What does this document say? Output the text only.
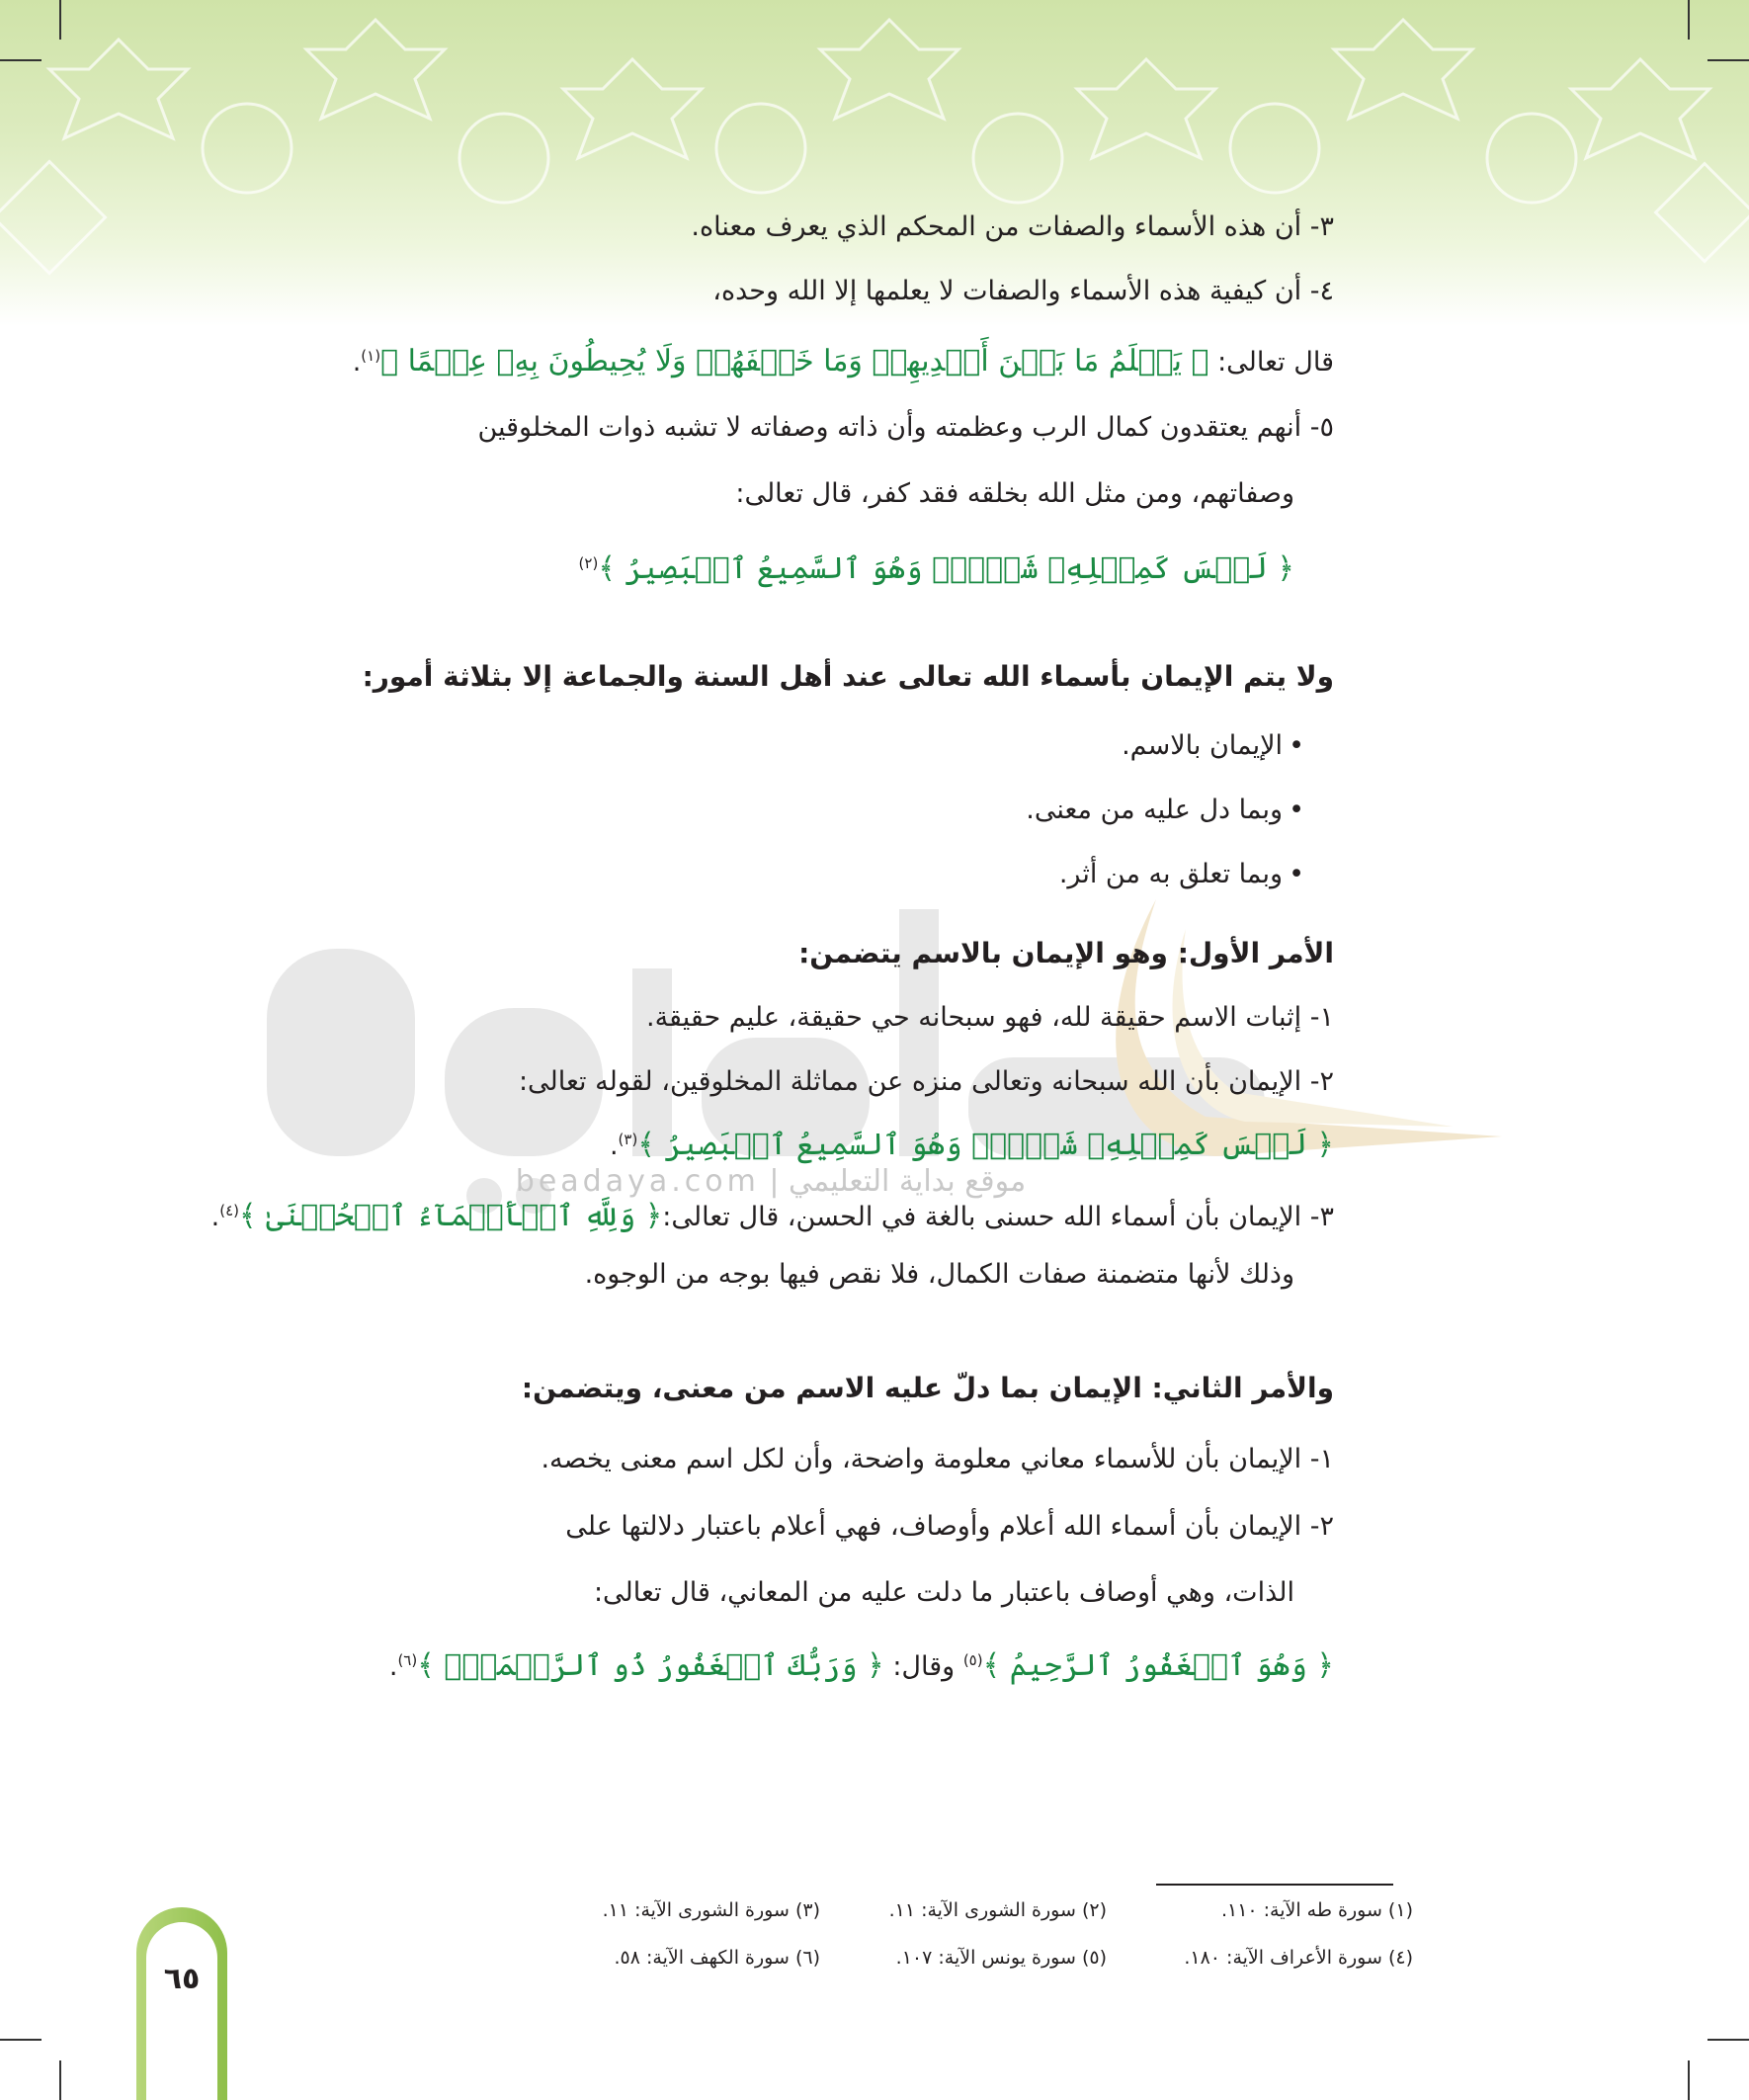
موقع بداية التعليمي | beadaya.com
٣- أن هذه الأسماء والصفات من المحكم الذي يعرف معناه.
٤- أن كيفية هذه الأسماء والصفات لا يعلمها إلا الله وحده،
قال تعالى: ﴿ يَعۡلَمُ مَا بَيۡنَ أَيۡدِيهِمۡ وَمَا خَلۡفَهُمۡ وَلَا يُحِيطُونَ بِهِۦ عِلۡمًا ﴾$^{(١)}$.
٥- أنهم يعتقدون كمال الرب وعظمته وأن ذاته وصفاته لا تشبه ذوات المخلوقين
وصفاتهم، ومن مثل الله بخلقه فقد كفر، قال تعالى:
﴿ لَيۡسَ كَمِثۡلِهِۦ شَيۡءٌۖ وَهُوَ ٱلسَّمِيعُ ٱلۡبَصِيرُ ﴾$^{(٢)}$
ولا يتم الإيمان بأسماء الله تعالى عند أهل السنة والجماعة إلا بثلاثة أمور:
•الإيمان بالاسم.
•وبما دل عليه من معنى.
•وبما تعلق به من أثر.
الأمر الأول: وهو الإيمان بالاسم يتضمن:
١- إثبات الاسم حقيقة لله، فهو سبحانه حي حقيقة، عليم حقيقة.
٢- الإيمان بأن الله سبحانه وتعالى منزه عن مماثلة المخلوقين، لقوله تعالى:
﴿ لَيۡسَ كَمِثۡلِهِۦ شَيۡءٌۖ وَهُوَ ٱلسَّمِيعُ ٱلۡبَصِيرُ ﴾$^{(٣)}$.
٣- الإيمان بأن أسماء الله حسنى بالغة في الحسن، قال تعالى:﴿ وَلِلَّهِ ٱلۡأَسۡمَآءُ ٱلۡحُسۡنَىٰ ﴾$^{(٤)}$.
وذلك لأنها متضمنة صفات الكمال، فلا نقص فيها بوجه من الوجوه.
والأمر الثاني: الإيمان بما دلّ عليه الاسم من معنى، ويتضمن:
١- الإيمان بأن للأسماء معاني معلومة واضحة، وأن لكل اسم معنى يخصه.
٢- الإيمان بأن أسماء الله أعلام وأوصاف، فهي أعلام باعتبار دلالتها على
الذات، وهي أوصاف باعتبار ما دلت عليه من المعاني، قال تعالى:
﴿ وَهُوَ ٱلۡغَفُورُ ٱلرَّحِيمُ ﴾$^{(٥)}$ وقال: ﴿ وَرَبُّكَ ٱلۡغَفُورُ ذُو ٱلرَّحۡمَةِۖ ﴾$^{(٦)}$.
(١) سورة طه الآية: ١١٠.
(٢) سورة الشورى الآية: ١١.
(٣) سورة الشورى الآية: ١١.
(٤) سورة الأعراف الآية: ١٨٠.
(٥) سورة يونس الآية: ١٠٧.
(٦) سورة الكهف الآية: ٥٨.
٦٥
